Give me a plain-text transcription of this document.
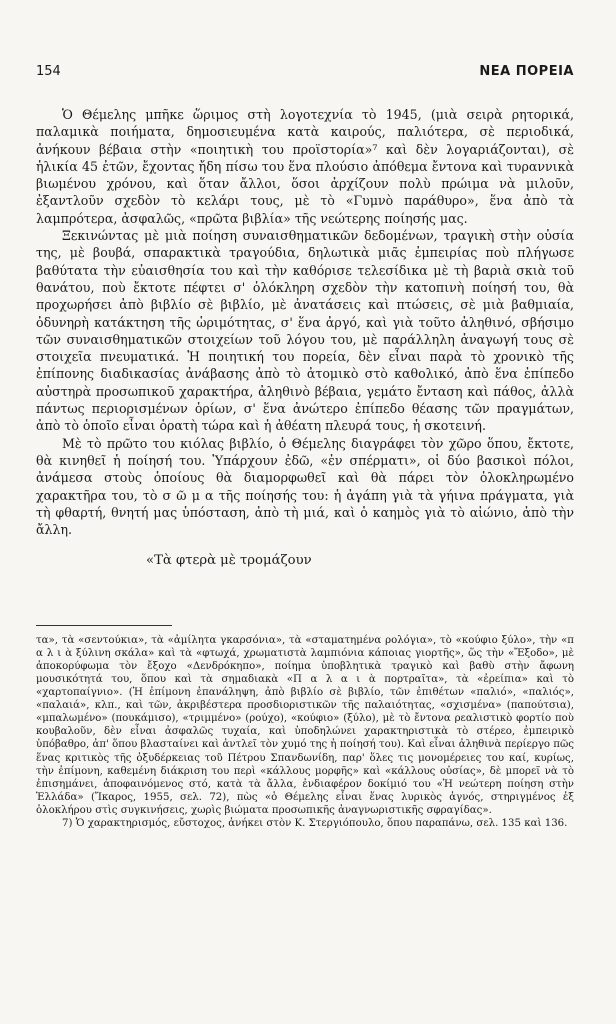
154	ΝΕΑ ΠΟΡΕΙΑ

Ὁ Θέμελης μπῆκε ὥριμος στὴ λογοτεχνία τὸ 1945, (μιὰ σειρὰ ρητορικά, παλαμικὰ ποιήματα, δημοσιευμένα κατὰ καιρούς, παλιότερα, σὲ περιοδικά, ἀνήκουν βέβαια στὴν «ποιητικὴ του προϊστορία»⁷ καὶ δὲν λογαριάζονται), σὲ ἡλικία 45 ἐτῶν, ἔχοντας ἤδη πίσω του ἕνα πλούσιο ἀπόθεμα ἔντονα καὶ τυραννικὰ βιωμένου χρόνου, καὶ ὅταν ἄλλοι, ὅσοι ἀρχίζουν πολὺ πρώιμα νὰ μιλοῦν, ἐξαντλοῦν σχεδὸν τὸ κελάρι τους, μὲ τὸ «Γυμνὸ παράθυρο», ἕνα ἀπὸ τὰ λαμπρότερα, ἀσφαλῶς, «πρῶτα βιβλία» τῆς νεώτερης ποίησής μας.

Ξεκινώντας μὲ μιὰ ποίηση συναισθηματικῶν δεδομένων, τραγικὴ στὴν οὐσία της, μὲ βουβά, σπαρακτικὰ τραγούδια, δηλωτικὰ μιᾶς ἐμπειρίας ποὺ πλήγωσε βαθύτατα τὴν εὐαισθησία του καὶ τὴν καθόρισε τελεσίδικα μὲ τὴ βαριὰ σκιὰ τοῦ θανάτου, ποὺ ἔκτοτε πέφτει σ' ὁλόκληρη σχεδὸν τὴν κατοπινὴ ποίησή του, θὰ προχωρήσει ἀπὸ βιβλίο σὲ βιβλίο, μὲ ἀνατάσεις καὶ πτώσεις, σὲ μιὰ βαθμιαία, ὀδυνηρὴ κατάκτηση τῆς ὡριμότητας, σ' ἕνα ἀργό, καὶ γιὰ τοῦτο ἀληθινό, σβήσιμο τῶν συναισθηματικῶν στοιχείων τοῦ λόγου του, μὲ παράλληλη ἀναγωγή τους σὲ στοιχεῖα πνευματικά. Ἡ ποιητική του πορεία, δὲν εἶναι παρὰ τὸ χρονικὸ τῆς ἐπίπονης διαδικασίας ἀνάβασης ἀπὸ τὸ ἀτομικὸ στὸ καθολικό, ἀπὸ ἕνα ἐπίπεδο αὐστηρὰ προσωπικοῦ χαρακτήρα, ἀληθινὸ βέβαια, γεμάτο ἔνταση καὶ πάθος, ἀλλὰ πάντως περιορισμένων ὁρίων, σ' ἕνα ἀνώτερο ἐπίπεδο θέασης τῶν πραγμάτων, ἀπὸ τὸ ὁποῖο εἶναι ὁρατὴ τώρα καὶ ἡ ἀθέατη πλευρά τους, ἡ σκοτεινή.

Μὲ τὸ πρῶτο του κιόλας βιβλίο, ὁ Θέμελης διαγράφει τὸν χῶρο ὅπου, ἔκτοτε, θὰ κινηθεῖ ἡ ποίησή του. Ὑπάρχουν ἐδῶ, «ἐν σπέρματι», οἱ δύο βασικοὶ πόλοι, ἀνάμεσα στοὺς ὁποίους θὰ διαμορφωθεῖ καὶ θὰ πάρει τὸν ὁλοκληρωμένο χαρακτῆρα του, τὸ σ ῶ μ α τῆς ποίησής του: ἡ ἀγάπη γιὰ τὰ γήινα πράγματα, γιὰ τὴ φθαρτή, θνητή μας ὑπόσταση, ἀπὸ τὴ μιά, καὶ ὁ καημὸς γιὰ τὸ αἰώνιο, ἀπὸ τὴν ἄλλη.

«Τὰ φτερὰ μὲ τρομάζουν

τα», τὰ «σεντούκια», τὰ «ἀμίλητα γκαρσόνια», τὰ «σταματημένα ρολόγια», τὸ «κούφιο ξύλο», τὴν «π α λ ι ὰ ξύλινη σκάλα» καὶ τὰ «φτωχά, χρωματιστὰ λαμπιόνια κάποιας γιορτῆς», ὥς τὴν «Ἔξοδο», μὲ ἀποκορύφωμα τὸν ἔξοχο «Δενδρόκηπο», ποίημα ὑποβλητικὰ τραγικὸ καὶ βαθὺ στὴν ἄφωνη μουσικότητά του, ὅπου καὶ τὰ σημαδιακὰ «Π α λ α ι ὰ πορτραῖτα», τὰ «ἐρείπια» καὶ τὸ «χαρτοπαίγνιο». (Ἡ ἐπίμονη ἐπανάληψη, ἀπὸ βιβλίο σὲ βιβλίο, τῶν ἐπιθέτων «παλιό», «παλιός», «παλαιά», κλπ., καὶ τῶν, ἀκριβέστερα προσδιοριστικῶν τῆς παλαιότητας, «σχισμένα» (παπούτσια), «μπαλωμένο» (πουκάμισο), «τριμμένο» (ρούχο), «κούφιο» (ξύλο), μὲ τὸ ἔντονα ρεαλιστικὸ φορτίο ποὺ κουβαλοῦν, δὲν εἶναι ἀσφαλῶς τυχαία, καὶ ὑποδηλώνει χαρακτηριστικὰ τὸ στέρεο, ἐμπειρικὸ ὑπόβαθρο, ἀπ' ὅπου βλασταίνει καὶ ἀντλεῖ τὸν χυμό της ἡ ποίησή του). Καὶ εἶναι ἀληθινὰ περίεργο πῶς ἕνας κριτικὸς τῆς ὀξυδέρκειας τοῦ Πέτρου Σπανδωνίδη, παρ' ὅλες τις μονομέρειες του καί, κυρίως, τὴν ἐπίμονη, καθεμένη διάκριση του περὶ «κάλλους μορφῆς» καὶ «κάλλους οὐσίας», δὲ μπορεῖ νὰ τὸ ἐπισημάνει, ἀποφαινόμενος στό, κατὰ τὰ ἄλλα, ἐνδιαφέρον δοκίμιό του «Ἡ νεώτερη ποίηση στὴν Ἑλλάδα» (Ἴκαρος, 1955, σελ. 72), πὼς «ὁ Θέμελης εἶναι ἕνας λυρικὸς ἁγνός, στηριγμένος ἐξ ὁλοκλήρου στὶς συγκινήσεις, χωρὶς βιώματα προσωπικῆς ἀναγνωριστικῆς σφραγίδας».

7) Ὁ χαρακτηρισμός, εὔστοχος, ἀνήκει στὸν Κ. Στεργιόπουλο, ὅπου παραπάνω, σελ. 135 καὶ 136.
